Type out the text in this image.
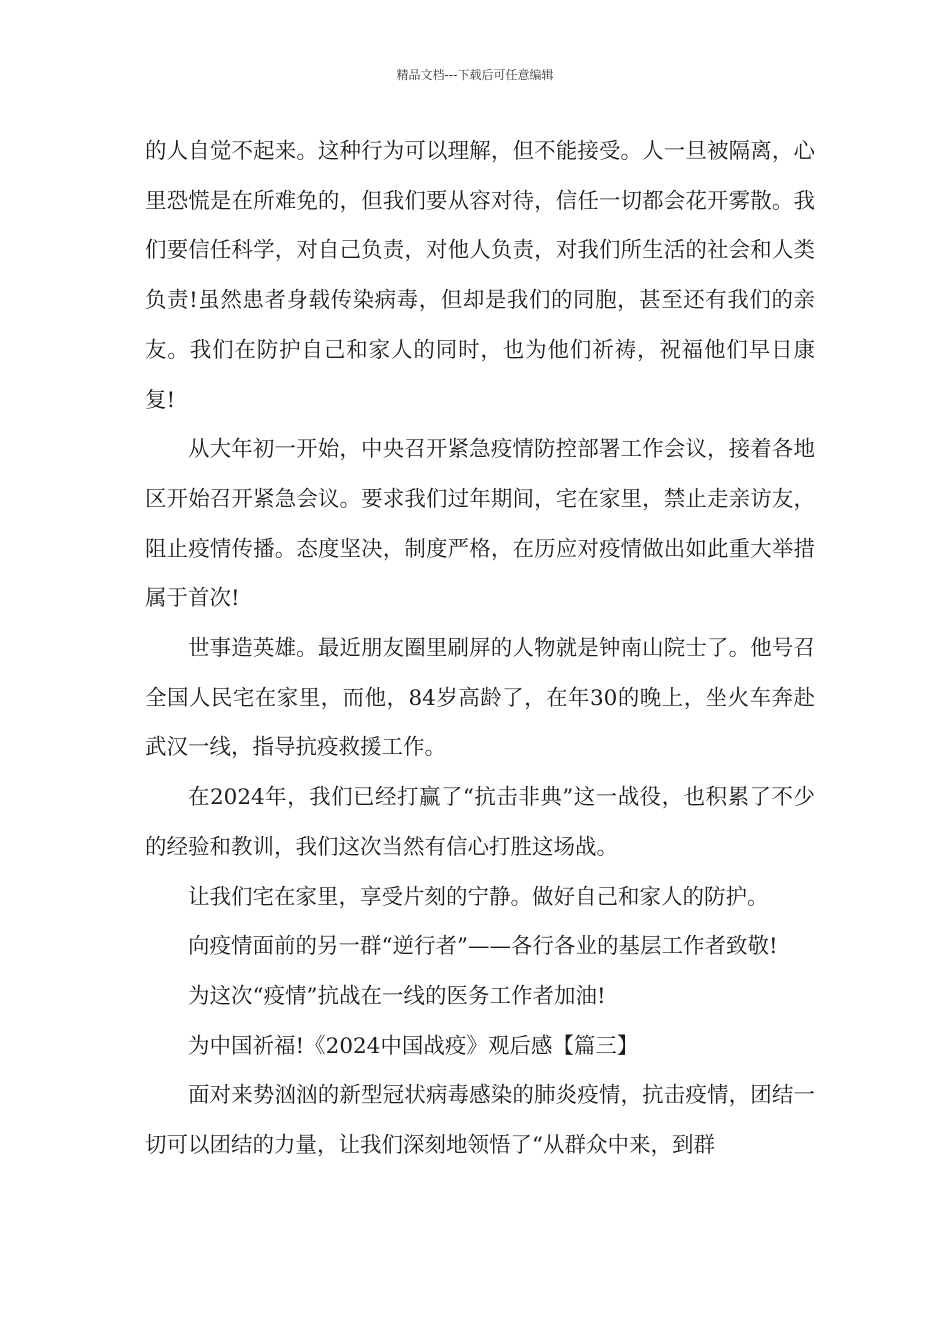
精品文档---下载后可任意编辑

的人自觉不起来。这种行为可以理解，但不能接受。人一旦被隔离，心里恐慌是在所难免的，但我们要从容对待，信任一切都会花开雾散。我们要信任科学，对自己负责，对他人负责，对我们所生活的社会和人类负责!虽然患者身载传染病毒，但却是我们的同胞，甚至还有我们的亲友。我们在防护自己和家人的同时，也为他们祈祷，祝福他们早日康复!

从大年初一开始，中央召开紧急疫情防控部署工作会议，接着各地区开始召开紧急会议。要求我们过年期间，宅在家里，禁止走亲访友，阻止疫情传播。态度坚决，制度严格，在历应对疫情做出如此重大举措属于首次!

世事造英雄。最近朋友圈里刷屏的人物就是钟南山院士了。他号召全国人民宅在家里，而他，84岁高龄了，在年30的晚上，坐火车奔赴武汉一线，指导抗疫救援工作。

在2024年，我们已经打赢了“抗击非典”这一战役，也积累了不少的经验和教训，我们这次当然有信心打胜这场战。

让我们宅在家里，享受片刻的宁静。做好自己和家人的防护。

向疫情面前的另一群“逆行者”——各行各业的基层工作者致敬!

为这次“疫情”抗战在一线的医务工作者加油!

为中国祈福!《2024中国战疫》观后感【篇三】

面对来势汹汹的新型冠状病毒感染的肺炎疫情，抗击疫情，团结一切可以团结的力量，让我们深刻地领悟了“从群众中来，到群
